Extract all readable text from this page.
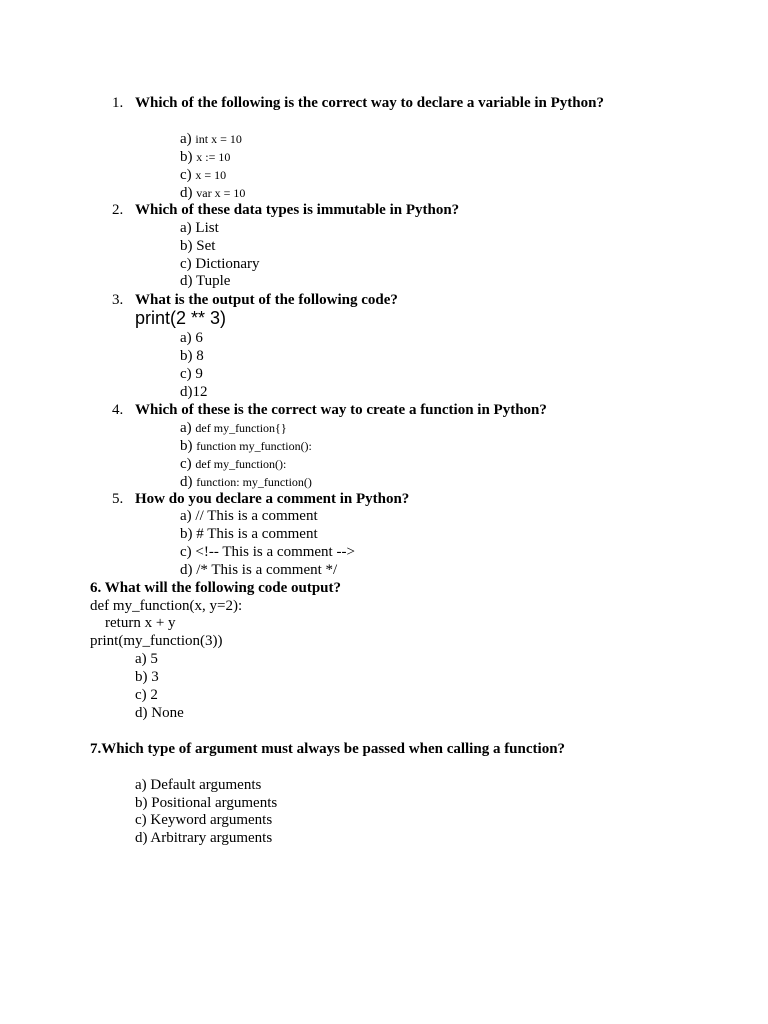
1. Which of the following is the correct way to declare a variable in Python?
a) int x = 10
b) x := 10
c) x = 10
d) var x = 10
2. Which of these data types is immutable in Python?
a) List
b) Set
c) Dictionary
d) Tuple
3. What is the output of the following code?
print(2 ** 3)
a) 6
b) 8
c) 9
d)12
4. Which of these is the correct way to create a function in Python?
a) def my_function{}
b) function my_function():
c) def my_function():
d) function: my_function()
5. How do you declare a comment in Python?
a) // This is a comment
b) # This is a comment
c) <!-- This is a comment -->
d) /* This is a comment */
6. What will the following code output?
def my_function(x, y=2):
return x + y
print(my_function(3))
a) 5
b) 3
c) 2
d) None
7.Which type of argument must always be passed when calling a function?
a) Default arguments
b) Positional arguments
c) Keyword arguments
d) Arbitrary arguments
